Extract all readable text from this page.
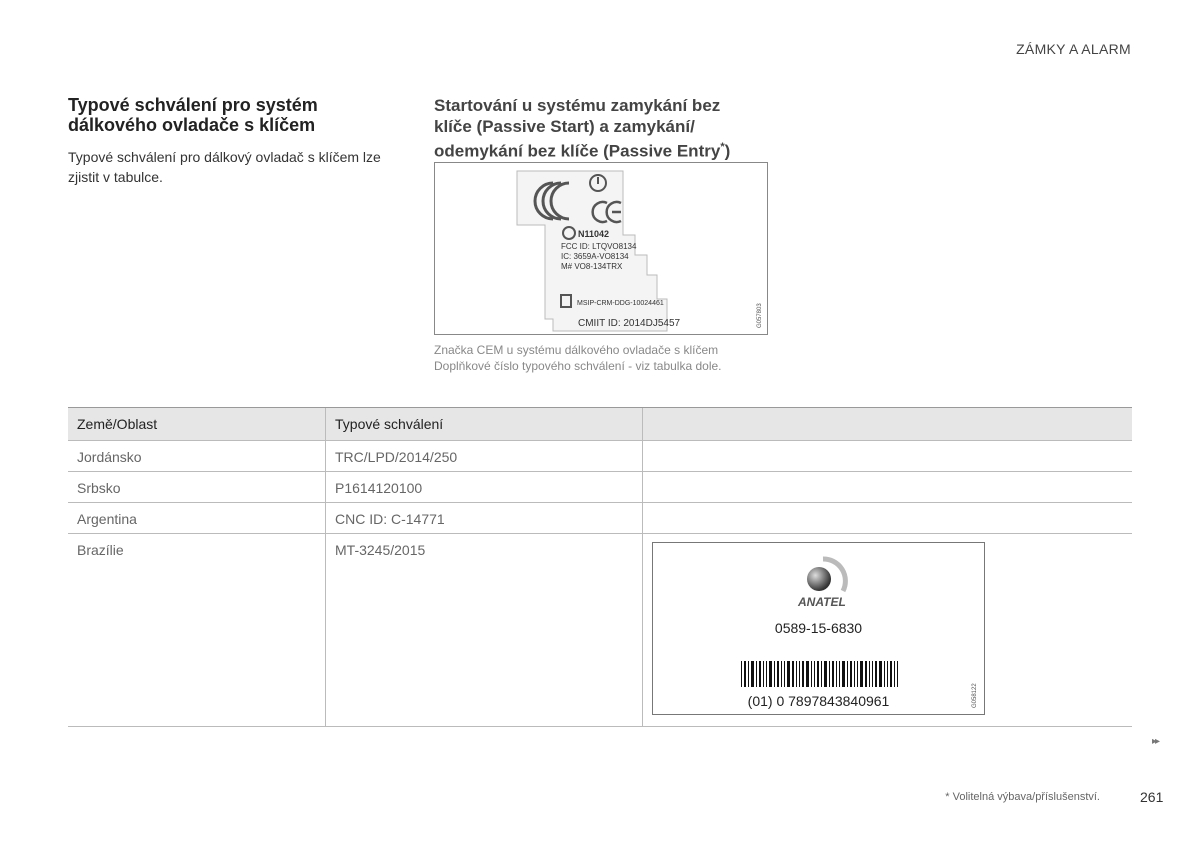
ZÁMKY A ALARM
Typové schválení pro systém
dálkového ovladače s klíčem

Typové schválení pro dálkový ovladač s klíčem lze zjistit v tabulce.

Startování u systému zamykání bez
klíče (Passive Start) a zamykání/
odemykání bez klíče (Passive Entry*)
N11042
FCC ID: LTQVO8134
IC: 3659A-VO8134
M# VO8-134TRX
MSIP-CRM-DDG-10024461
CMIIT ID: 2014DJ5457	G057803
Značka CEM u systému dálkového ovladače s klíčem
Doplňkové číslo typového schválení - viz tabulka dole.
Země/Oblast	Typové schválení
Jordánsko	TRC/LPD/2014/250
Srbsko	P1614120100
Argentina	CNC ID: C-14771
Brazílie	MT-3245/2015
G058122
ANATEL
0589-15-6830
(01) 0 7897843840961
▸▸
* Volitelná výbava/příslušenství.	261
